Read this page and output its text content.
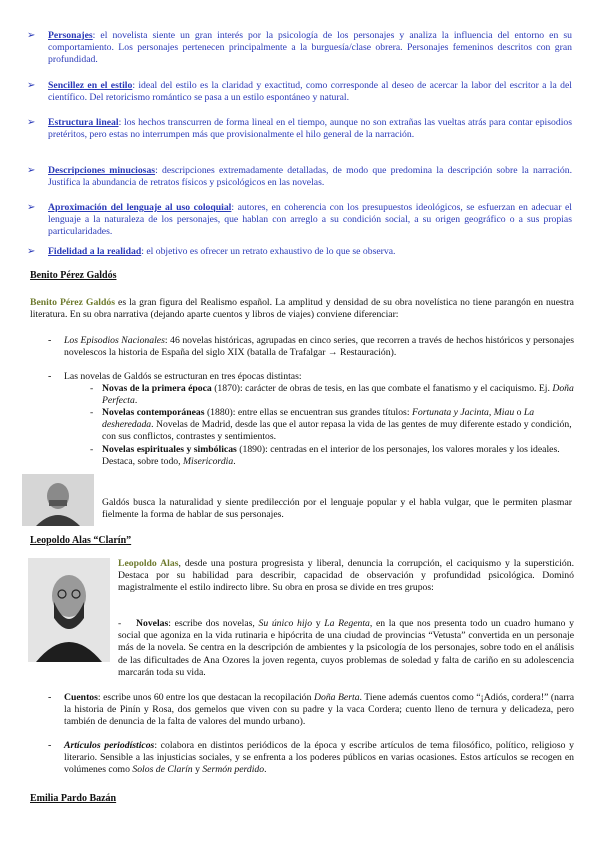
➢ Personajes: el novelista siente un gran interés por la psicología de los personajes y analiza la influencia del entorno en su comportamiento. Los personajes pertenecen principalmente a la burguesía/clase obrera. Personajes femeninos descritos con gran profundidad.
➢ Sencillez en el estilo: ideal del estilo es la claridad y exactitud, como corresponde al deseo de acercar la labor del escritor a la del científico. Del retoricismo romántico se pasa a un estilo espontáneo y natural.
➢ Estructura lineal: los hechos transcurren de forma lineal en el tiempo, aunque no son extrañas las vueltas atrás para contar episodios pretéritos, pero estas no interrumpen más que provisionalmente el hilo general de la narración.
➢ Descripciones minuciosas: descripciones extremadamente detalladas, de modo que predomina la descripción sobre la narración. Justifica la abundancia de retratos físicos y psicológicos en las novelas.
➢ Aproximación del lenguaje al uso coloquial: autores, en coherencia con los presupuestos ideológicos, se esfuerzan en adecuar el lenguaje a la naturaleza de los personajes, que hablan con arreglo a su condición social, a su origen geográfico o a sus propias particularidades.
➢ Fidelidad a la realidad: el objetivo es ofrecer un retrato exhaustivo de lo que se observa.
Benito Pérez Galdós
Benito Pérez Galdós es la gran figura del Realismo español. La amplitud y densidad de su obra novelística no tiene parangón en nuestra literatura. En su obra narrativa (dejando aparte cuentos y libros de viajes) conviene diferenciar:
- Los Episodios Nacionales: 46 novelas históricas, agrupadas en cinco series, que recorren a través de hechos históricos y personajes novelescos la historia de España del siglo XIX (batalla de Trafalgar → Restauración).
- Las novelas de Galdós se estructuran en tres épocas distintas:
- Novas de la primera época (1870): carácter de obras de tesis, en las que combate el fanatismo y el caciquismo. Ej. Doña Perfecta.
- Novelas contemporáneas (1880): entre ellas se encuentran sus grandes títulos: Fortunata y Jacinta, Miau o La desheredada. Novelas de Madrid, desde las que el autor repasa la vida de las gentes de muy diferente estado y condición, con sus conflictos, contrastes y sentimientos.
- Novelas espirituales y simbólicas (1890): centradas en el interior de los personajes, los valores morales y los ideales. Destaca, sobre todo, Misericordia.
Galdós busca la naturalidad y siente predilección por el lenguaje popular y el habla vulgar, que le permiten plasmar fielmente la forma de hablar de sus personajes.
Leopoldo Alas “Clarín”
Leopoldo Alas, desde una postura progresista y liberal, denuncia la corrupción, el caciquismo y la superstición. Destaca por su habilidad para describir, capacidad de observación y profundidad psicológica. Dominó magistralmente el estilo indirecto libre. Su obra en prosa se divide en tres grupos:
- Novelas: escribe dos novelas, Su único hijo y La Regenta, en la que nos presenta todo un cuadro humano y social que agoniza en la vida rutinaria e hipócrita de una ciudad de provincias “Vetusta” convertida en un personaje más de la novela. Se centra en la descripción de ambientes y la psicología de los personajes, sobre todo en el análisis de las dificultades de Ana Ozores la joven regenta, cuyos problemas de soledad y falta de cariño en su adolescencia marcarán toda su vida.
- Cuentos: escribe unos 60 entre los que destacan la recopilación Doña Berta. Tiene además cuentos como “¡Adiós, cordera!” (narra la historia de Pinín y Rosa, dos gemelos que viven con su padre y la vaca Cordera; cuento lleno de ternura y delicadeza, pero también de denuncia de la falta de valores del mundo urbano).
- Artículos periodísticos: colabora en distintos periódicos de la época y escribe artículos de tema filosófico, político, religioso y literario. Sensible a las injusticias sociales, y se enfrenta a los poderes públicos en varias ocasiones. Estos artículos se recogen en volúmenes como Solos de Clarín y Sermón perdido.
Emilia Pardo Bazán
